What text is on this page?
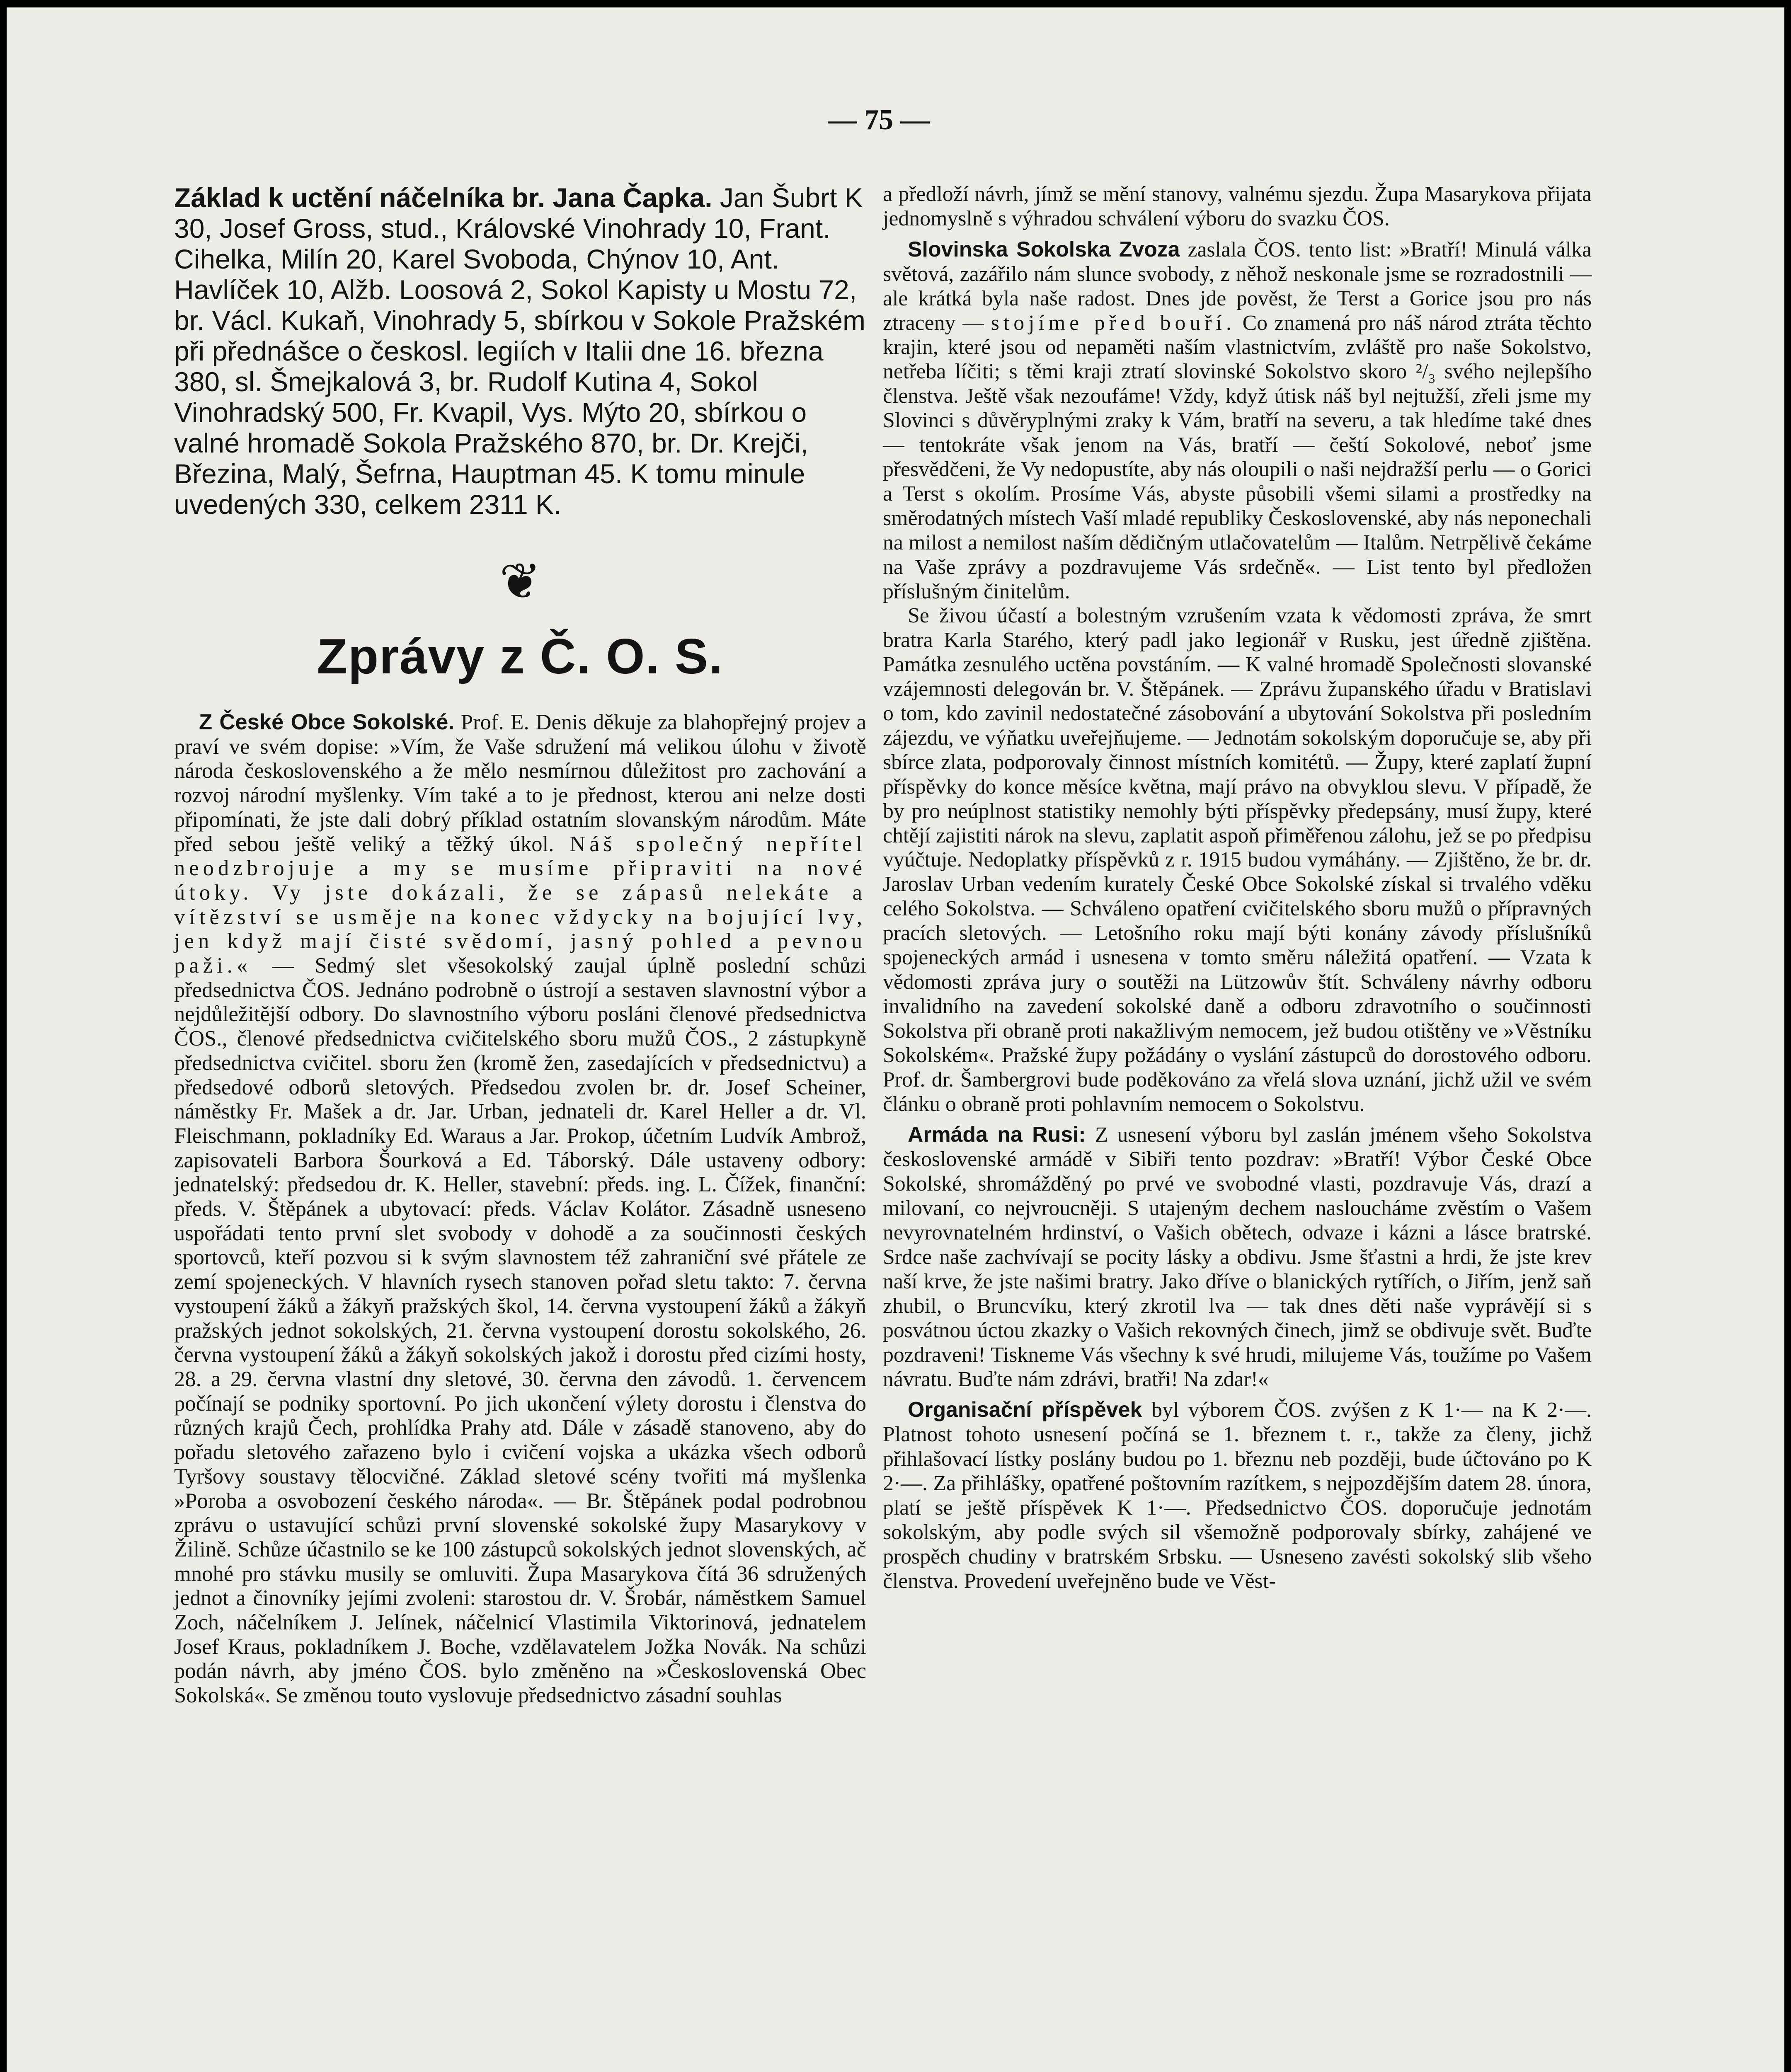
— 75 —

Základ k uctění náčelníka br. Jana Čapka. Jan Šubrt K 30, Josef Gross, stud., Královské Vinohrady 10, Frant. Cihelka, Milín 20, Karel Svoboda, Chýnov 10, Ant. Havlíček 10, Alžb. Loosová 2, Sokol Kapisty u Mostu 72, br. Václ. Kukaň, Vinohrady 5, sbírkou v Sokole Pražském při přednášce o českosl. legiích v Italii dne 16. března 380, sl. Šmejkalová 3, br. Rudolf Kutina 4, Sokol Vinohradský 500, Fr. Kvapil, Vys. Mýto 20, sbírkou o valné hromadě Sokola Pražského 870, br. Dr. Krejči, Březina, Malý, Šefrna, Hauptman 45. K tomu minule uvedených 330, celkem 2311 K.

❦
Zprávy z Č. O. S.

Z České Obce Sokolské. Prof. E. Denis děkuje za blahopřejný projev a praví ve svém dopise: »Vím, že Vaše sdružení má velikou úlohu v životě národa československého a že mělo nesmírnou důležitost pro zachování a rozvoj národní myšlenky. Vím také a to je přednost, kterou ani nelze dosti připomínati, že jste dali dobrý příklad ostatním slovanským národům. Máte před sebou ještě veliký a těžký úkol. Náš společný nepřítel neodzbrojuje a my se musíme připraviti na nové útoky. Vy jste dokázali, že se zápasů nelekáte a vítězství se usměje na konec vždycky na bojující lvy, jen když mají čisté svědomí, jasný pohled a pevnou paži.« — Sedmý slet všesokolský zaujal úplně poslední schůzi předsednictva ČOS. Jednáno podrobně o ústrojí a sestaven slavnostní výbor a nejdůležitější odbory. Do slavnostního výboru posláni členové předsednictva ČOS., členové předsednictva cvičitelského sboru mužů ČOS., 2 zástupkyně předsednictva cvičitel. sboru žen (kromě žen, zasedajících v předsednictvu) a předsedové odborů sletových. Předsedou zvolen br. dr. Josef Scheiner, náměstky Fr. Mašek a dr. Jar. Urban, jednateli dr. Karel Heller a dr. Vl. Fleischmann, pokladníky Ed. Waraus a Jar. Prokop, účetním Ludvík Ambrož, zapisovateli Barbora Šourková a Ed. Táborský. Dále ustaveny odbory: jednatelský: předsedou dr. K. Heller, stavební: předs. ing. L. Čížek, finanční: předs. V. Štěpánek a ubytovací: předs. Václav Kolátor. Zásadně usneseno uspořádati tento první slet svobody v dohodě a za součinnosti českých sportovců, kteří pozvou si k svým slavnostem též zahraniční své přátele ze zemí spojeneckých. V hlavních rysech stanoven pořad sletu takto: 7. června vystoupení žáků a žákyň pražských škol, 14. června vystoupení žáků a žákyň pražských jednot sokolských, 21. června vystoupení dorostu sokolského, 26. června vystoupení žáků a žákyň sokolských jakož i dorostu před cizími hosty, 28. a 29. června vlastní dny sletové, 30. června den závodů. 1. červencem počínají se podniky sportovní. Po jich ukončení výlety dorostu i členstva do různých krajů Čech, prohlídka Prahy atd. Dále v zásadě stanoveno, aby do pořadu sletového zařazeno bylo i cvičení vojska a ukázka všech odborů Tyršovy soustavy tělocvičné. Základ sletové scény tvořiti má myšlenka »Poroba a osvobození českého národa«. — Br. Štěpánek podal podrobnou zprávu o ustavující schůzi první slovenské sokolské župy Masarykovy v Žilině. Schůze účastnilo se ke 100 zástupců sokolských jednot slovenských, ač mnohé pro stávku musily se omluviti. Župa Masarykova čítá 36 sdružených jednot a činovníky jejími zvoleni: starostou dr. V. Šrobár, náměstkem Samuel Zoch, náčelníkem J. Jelínek, náčelnicí Vlastimila Viktorinová, jednatelem Josef Kraus, pokladníkem J. Boche, vzdělavatelem Jožka Novák. Na schůzi podán návrh, aby jméno ČOS. bylo změněno na »Československá Obec Sokolská«. Se změnou touto vyslovuje předsednictvo zásadní souhlas

a předloží návrh, jímž se mění stanovy, valnému sjezdu. Župa Masarykova přijata jednomyslně s výhradou schválení výboru do svazku ČOS.

Slovinska Sokolska Zvoza zaslala ČOS. tento list: »Bratří! Minulá válka světová, zazářilo nám slunce svobody, z něhož neskonale jsme se rozradostnili — ale krátká byla naše radost. Dnes jde pověst, že Terst a Gorice jsou pro nás ztraceny — stojíme před bouří. Co znamená pro náš národ ztráta těchto krajin, které jsou od nepaměti naším vlastnictvím, zvláště pro naše Sokolstvo, netřeba líčiti; s těmi kraji ztratí slovinské Sokolstvo skoro ²/₃ svého nejlepšího členstva. Ještě však nezoufáme! Vždy, když útisk náš byl nejtužší, zřeli jsme my Slovinci s důvěryplnými zraky k Vám, bratří na severu, a tak hledíme také dnes — tentokráte však jenom na Vás, bratří — čeští Sokolové, neboť jsme přesvědčeni, že Vy nedopustíte, aby nás oloupili o naši nejdražší perlu — o Gorici a Terst s okolím. Prosíme Vás, abyste působili všemi silami a prostředky na směrodatných místech Vaší mladé republiky Československé, aby nás neponechali na milost a nemilost naším dědičným utlačovatelům — Italům. Netrpělivě čekáme na Vaše zprávy a pozdravujeme Vás srdečně«. — List tento byl předložen příslušným činitelům.

Se živou účastí a bolestným vzrušením vzata k vědomosti zpráva, že smrt bratra Karla Starého, který padl jako legionář v Rusku, jest úředně zjištěna. Památka zesnulého uctěna povstáním. — K valné hromadě Společnosti slovanské vzájemnosti delegován br. V. Štěpánek. — Zprávu županského úřadu v Bratislavi o tom, kdo zavinil nedostatečné zásobování a ubytování Sokolstva při posledním zájezdu, ve výňatku uveřejňujeme. — Jednotám sokolským doporučuje se, aby při sbírce zlata, podporovaly činnost místních komitétů. — Župy, které zaplatí župní příspěvky do konce měsíce května, mají právo na obvyklou slevu. V případě, že by pro neúplnost statistiky nemohly býti příspěvky předepsány, musí župy, které chtějí zajistiti nárok na slevu, zaplatit aspoň přiměřenou zálohu, jež se po předpisu vyúčtuje. Nedoplatky příspěvků z r. 1915 budou vymáhány. — Zjištěno, že br. dr. Jaroslav Urban vedením kurately České Obce Sokolské získal si trvalého vděku celého Sokolstva. — Schváleno opatření cvičitelského sboru mužů o přípravných pracích sletových. — Letošního roku mají býti konány závody příslušníků spojeneckých armád i usnesena v tomto směru náležitá opatření. — Vzata k vědomosti zpráva jury o soutěži na Lützowův štít. Schváleny návrhy odboru invalidního na zavedení sokolské daně a odboru zdravotního o součinnosti Sokolstva při obraně proti nakažlivým nemocem, jež budou otištěny ve »Věstníku Sokolském«. Pražské župy požádány o vyslání zástupců do dorostového odboru. Prof. dr. Šambergrovi bude poděkováno za vřelá slova uznání, jichž užil ve svém článku o obraně proti pohlavním nemocem o Sokolstvu.

Armáda na Rusi: Z usnesení výboru byl zaslán jménem všeho Sokolstva československé armádě v Sibiři tento pozdrav: »Bratří! Výbor České Obce Sokolské, shromážděný po prvé ve svobodné vlasti, pozdravuje Vás, drazí a milovaní, co nejvroucněji. S utajeným dechem nasloucháme zvěstím o Vašem nevyrovnatelném hrdinství, o Vašich obětech, odvaze i kázni a lásce bratrské. Srdce naše zachvívají se pocity lásky a obdivu. Jsme šťastni a hrdi, že jste krev naší krve, že jste našimi bratry. Jako dříve o blanických rytířích, o Jiřím, jenž saň zhubil, o Bruncvíku, který zkrotil lva — tak dnes děti naše vyprávějí si s posvátnou úctou zkazky o Vašich rekovných činech, jimž se obdivuje svět. Buďte pozdraveni! Tiskneme Vás všechny k své hrudi, milujeme Vás, toužíme po Vašem návratu. Buďte nám zdrávi, bratři! Na zdar!«

Organisační příspěvek byl výborem ČOS. zvýšen z K 1·— na K 2·—. Platnost tohoto usnesení počíná se 1. březnem t. r., takže za členy, jichž přihlašovací lístky poslány budou po 1. březnu neb později, bude účtováno po K 2·—. Za přihlášky, opatřené poštovním razítkem, s nejpozdějším datem 28. února, platí se ještě příspěvek K 1·—. Předsednictvo ČOS. doporučuje jednotám sokolským, aby podle svých sil všemožně podporovaly sbírky, zahájené ve prospěch chudiny v bratrském Srbsku. — Usneseno zavésti sokolský slib všeho členstva. Provedení uveřejněno bude ve Věst-
